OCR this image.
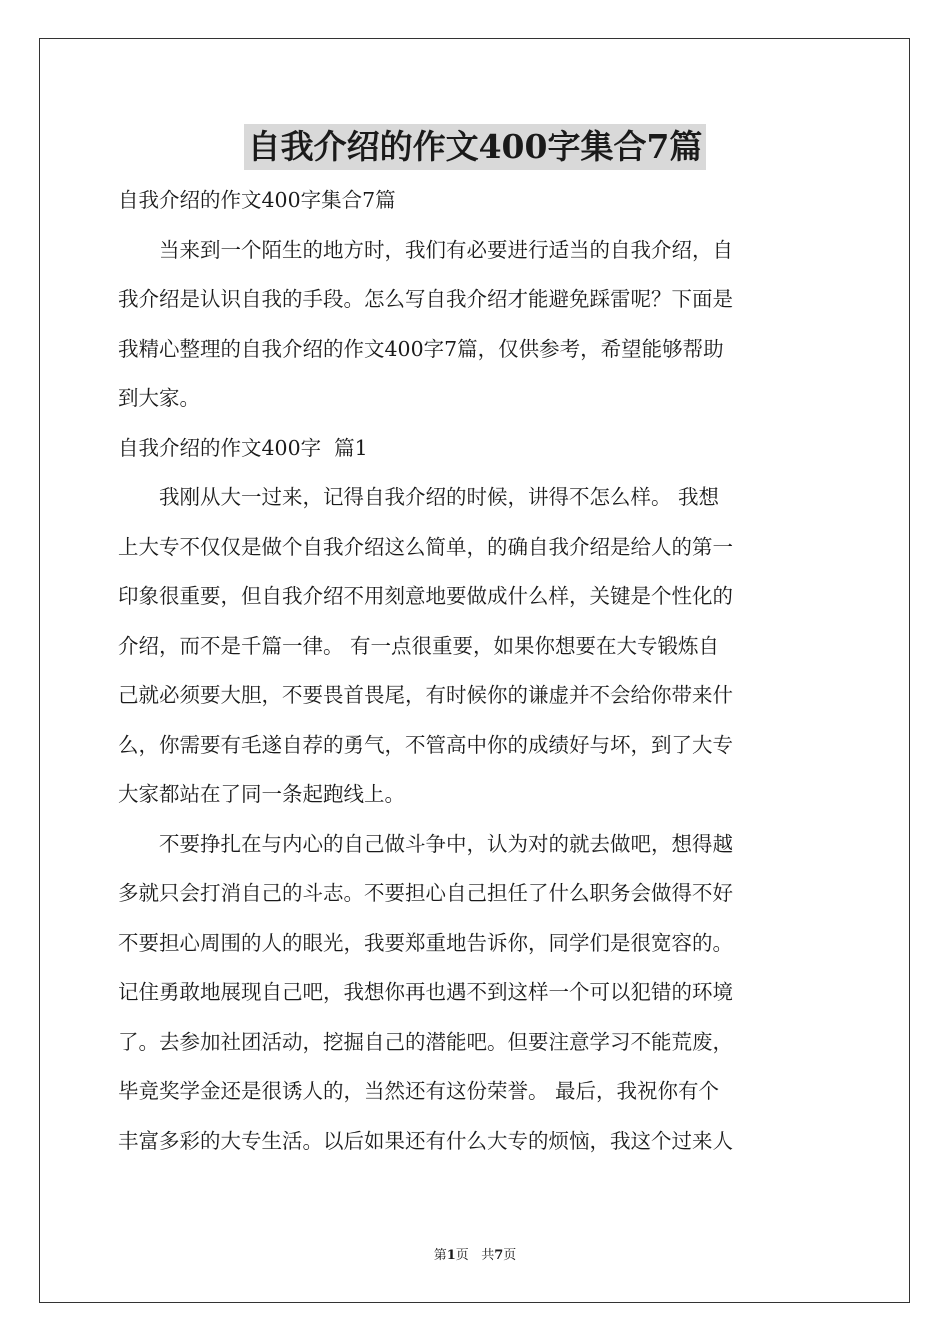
自我介绍的作文400字集合7篇

自我介绍的作文400字集合7篇

当来到一个陌生的地方时，我们有必要进行适当的自我介绍，自

我介绍是认识自我的手段。怎么写自我介绍才能避免踩雷呢？下面是

我精心整理的自我介绍的作文400字7篇，仅供参考，希望能够帮助

到大家。

自我介绍的作文400字  篇1

我刚从大一过来，记得自我介绍的时候，讲得不怎么样。 我想

上大专不仅仅是做个自我介绍这么简单，的确自我介绍是给人的第一

印象很重要，但自我介绍不用刻意地要做成什么样，关键是个性化的

介绍，而不是千篇一律。 有一点很重要，如果你想要在大专锻炼自

己就必须要大胆，不要畏首畏尾，有时候你的谦虚并不会给你带来什

么，你需要有毛遂自荐的勇气，不管高中你的成绩好与坏，到了大专

大家都站在了同一条起跑线上。

不要挣扎在与内心的自己做斗争中，认为对的就去做吧，想得越

多就只会打消自己的斗志。不要担心自己担任了什么职务会做得不好

不要担心周围的人的眼光，我要郑重地告诉你，同学们是很宽容的。

记住勇敢地展现自己吧，我想你再也遇不到这样一个可以犯错的环境

了。去参加社团活动，挖掘自己的潜能吧。但要注意学习不能荒废，

毕竟奖学金还是很诱人的，当然还有这份荣誉。 最后，我祝你有个

丰富多彩的大专生活。以后如果还有什么大专的烦恼，我这个过来人

第1页 共7页
